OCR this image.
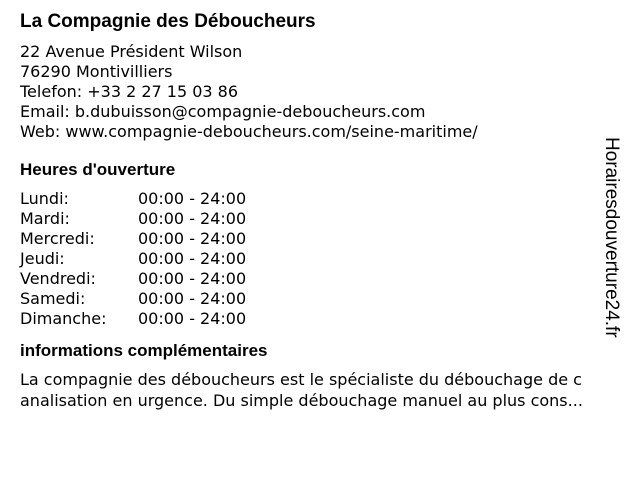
La Compagnie des Déboucheurs
22 Avenue Président Wilson
76290 Montivilliers
Telefon: +33 2 27 15 03 86
Email: b.dubuisson@compagnie-deboucheurs.com
Web: www.compagnie-deboucheurs.com/seine-maritime/
Heures d'ouverture
Lundi:	00:00 - 24:00
Mardi:	00:00 - 24:00
Mercredi:	00:00 - 24:00
Jeudi:	00:00 - 24:00
Vendredi:	00:00 - 24:00
Samedi:	00:00 - 24:00
Dimanche:	00:00 - 24:00
informations complémentaires
La compagnie des déboucheurs est le spécialiste du débouchage de c
analisation en urgence. Du simple débouchage manuel au plus cons...
Horairesdouverture24.fr
